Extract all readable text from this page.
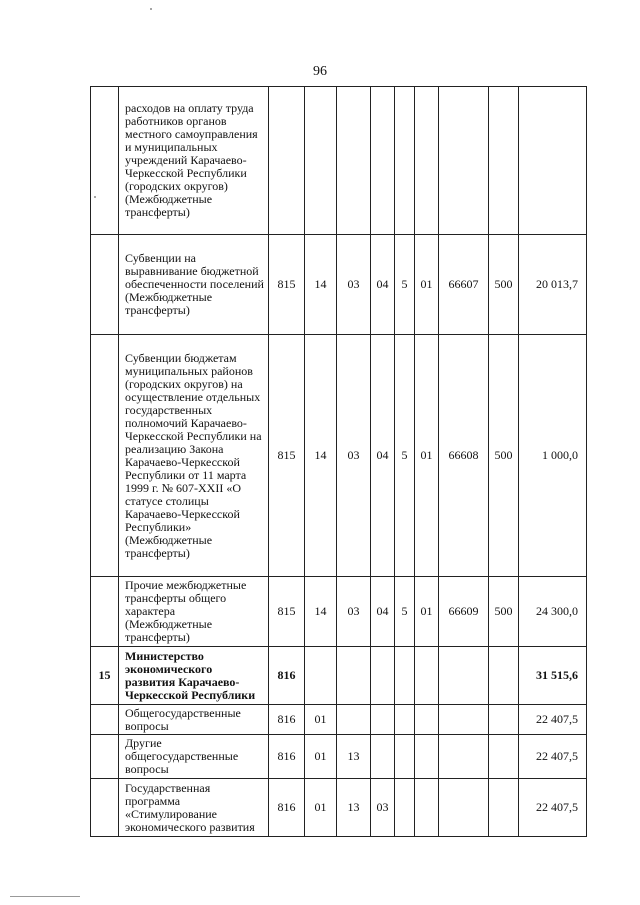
96
	расходов на оплату труда работников органов местного самоуправления и муниципальных учреждений Карачаево-Черкесской Республики (городских округов) (Межбюджетные трансферты)									
	Субвенции на выравнивание бюджетной обеспеченности поселений (Межбюджетные трансферты)	815	14	03	04	5	01	66607	500	20 013,7
	Субвенции бюджетам муниципальных районов (городских округов) на осуществление отдельных государственных полномочий Карачаево-Черкесской Республики на реализацию Закона Карачаево-Черкесской Республики от 11 марта 1999 г. № 607-XXII «О статусе столицы Карачаево-Черкесской Республики» (Межбюджетные трансферты)	815	14	03	04	5	01	66608	500	1 000,0
	Прочие межбюджетные трансферты общего характера (Межбюджетные трансферты)	815	14	03	04	5	01	66609	500	24 300,0
15	Министерство экономического развития Карачаево-Черкесской Республики	816								31 515,6
	Общегосударственные вопросы	816	01							22 407,5
	Другие общегосударственные вопросы	816	01	13						22 407,5
	Государственная программа «Стимулирование экономического развития	816	01	13	03					22 407,5
